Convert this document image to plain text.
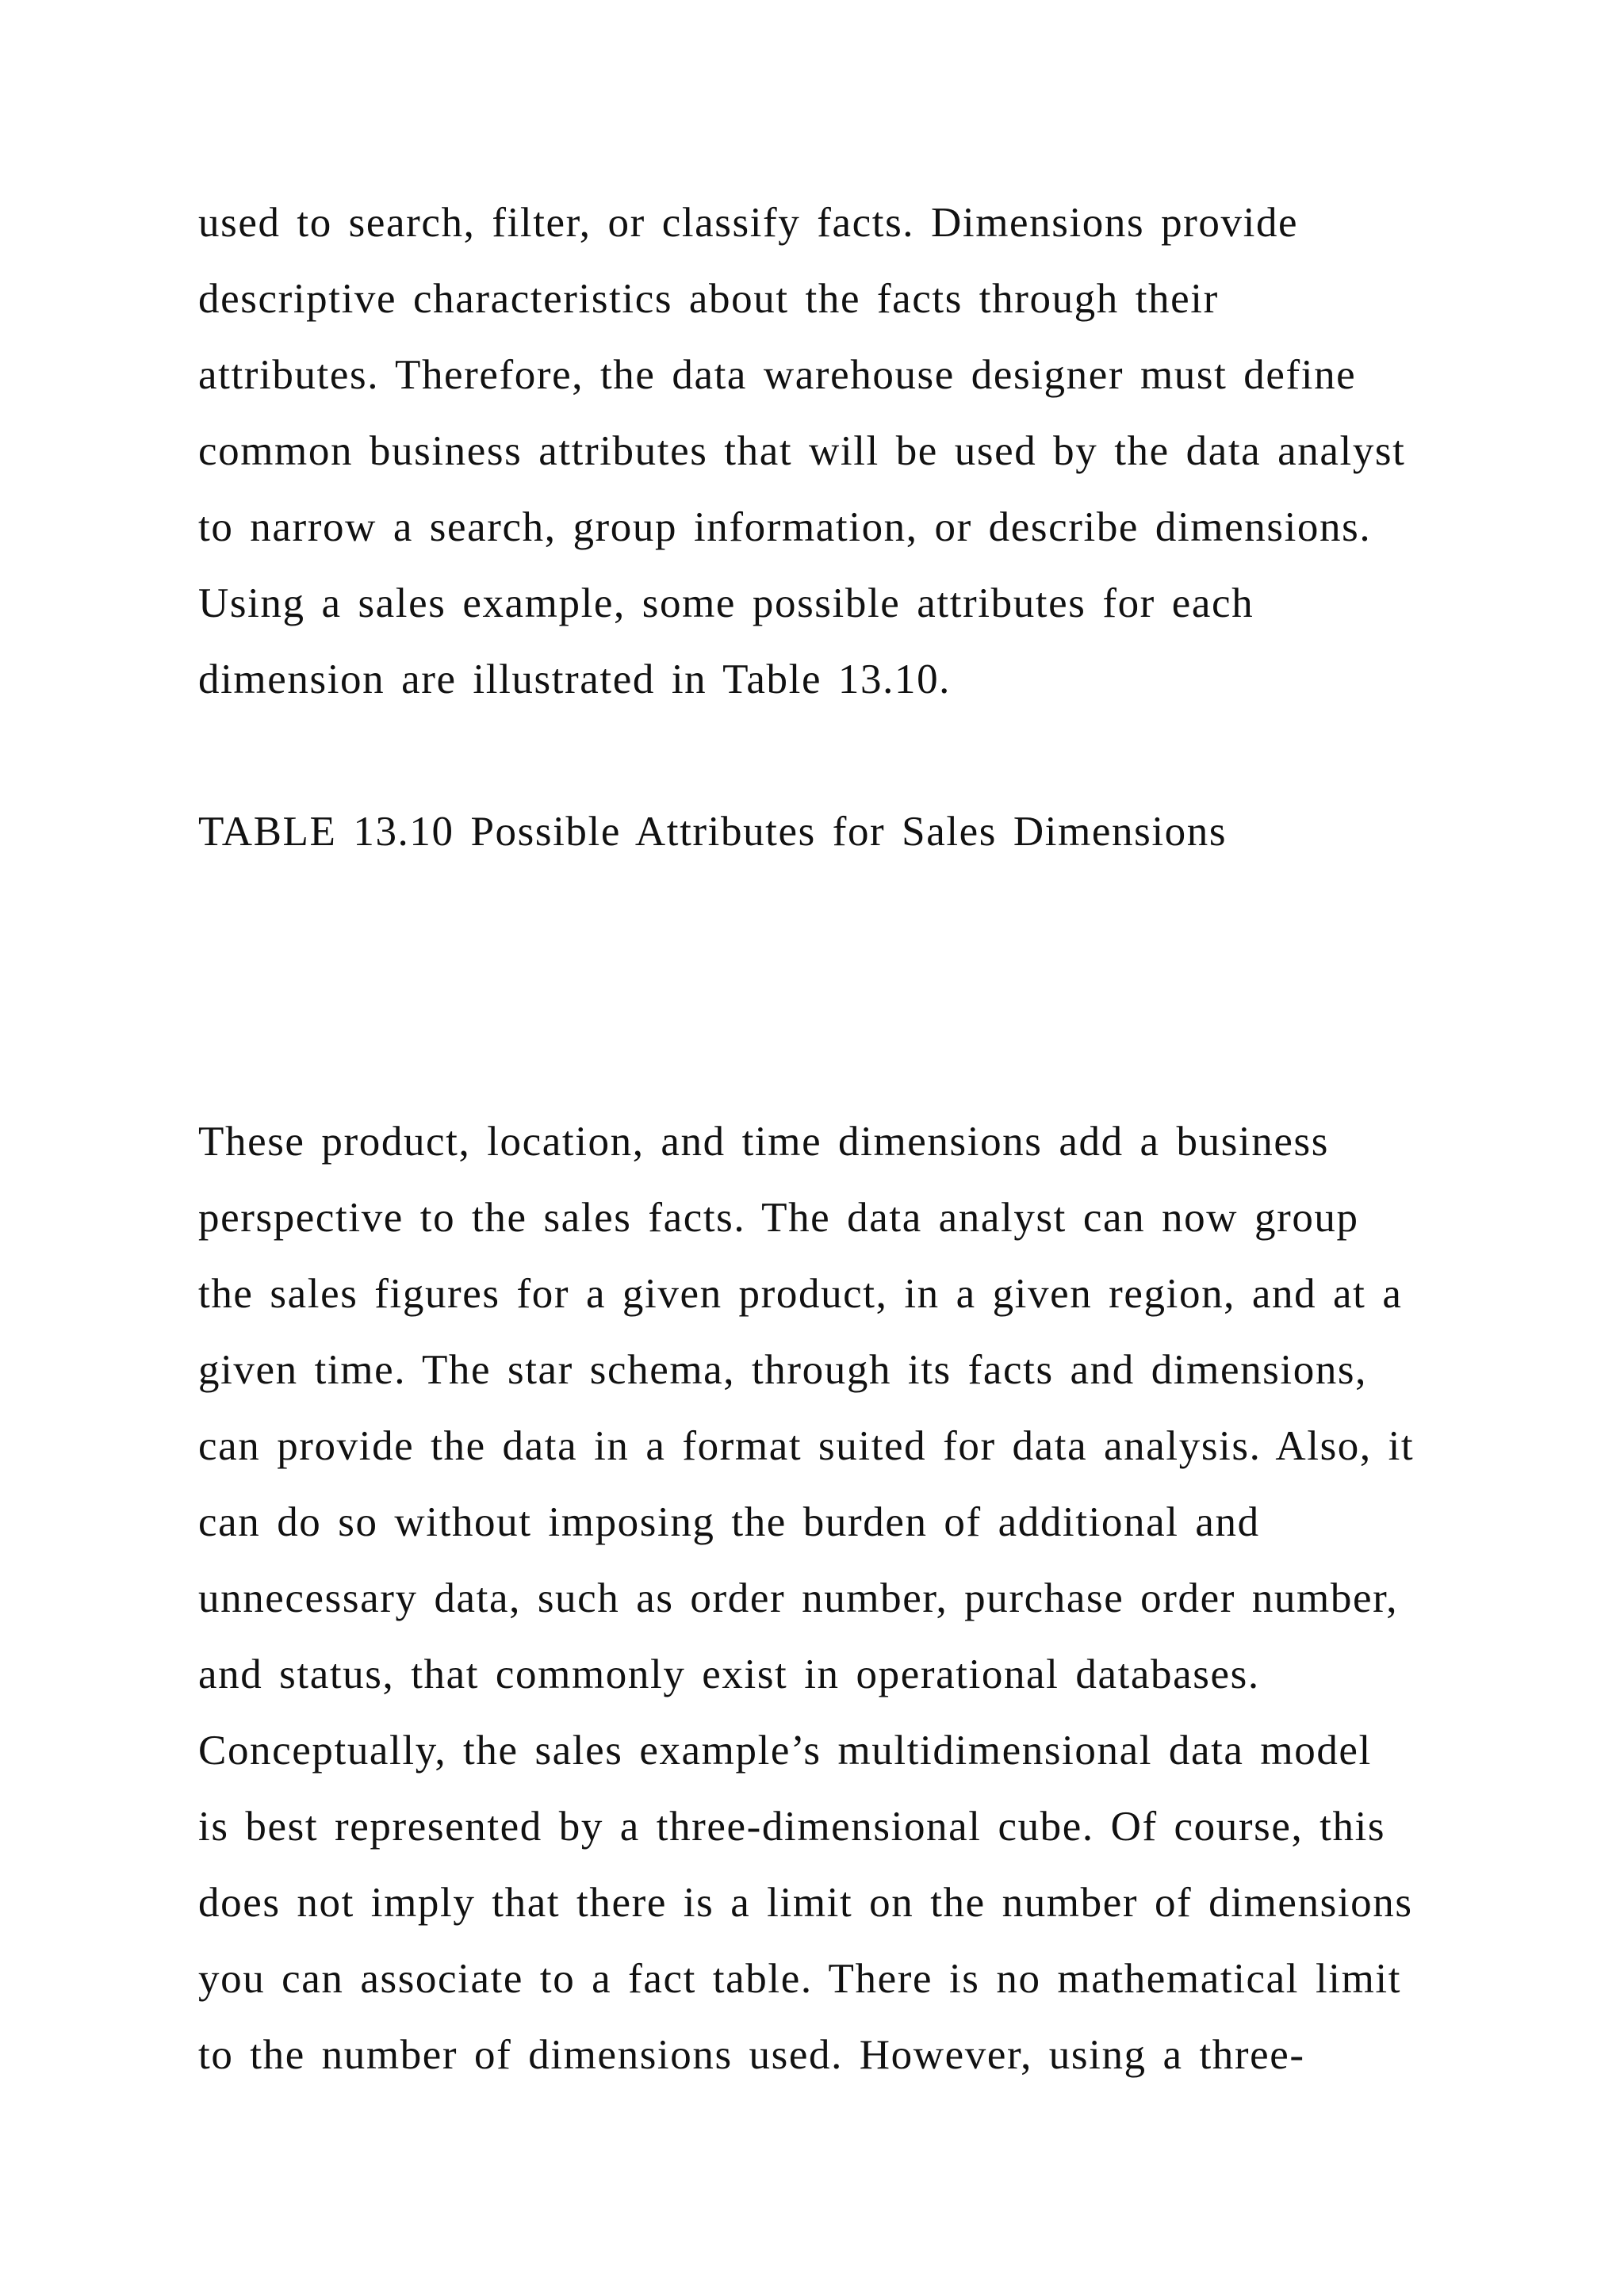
used to search, filter, or classify facts. Dimensions provide

descriptive characteristics about the facts through their

attributes. Therefore, the data warehouse designer must define

common business attributes that will be used by the data analyst

to narrow a search, group information, or describe dimensions.

Using a sales example, some possible attributes for each

dimension are illustrated in Table 13.10.

TABLE 13.10 Possible Attributes for Sales Dimensions

These product, location, and time dimensions add a business

perspective to the sales facts. The data analyst can now group

the sales figures for a given product, in a given region, and at a

given time. The star schema, through its facts and dimensions,

can provide the data in a format suited for data analysis. Also, it

can do so without imposing the burden of additional and

unnecessary data, such as order number, purchase order number,

and status, that commonly exist in operational databases.

Conceptually, the sales example’s multidimensional data model

is best represented by a three-dimensional cube. Of course, this

does not imply that there is a limit on the number of dimensions

you can associate to a fact table. There is no mathematical limit

to the number of dimensions used. However, using a three-
